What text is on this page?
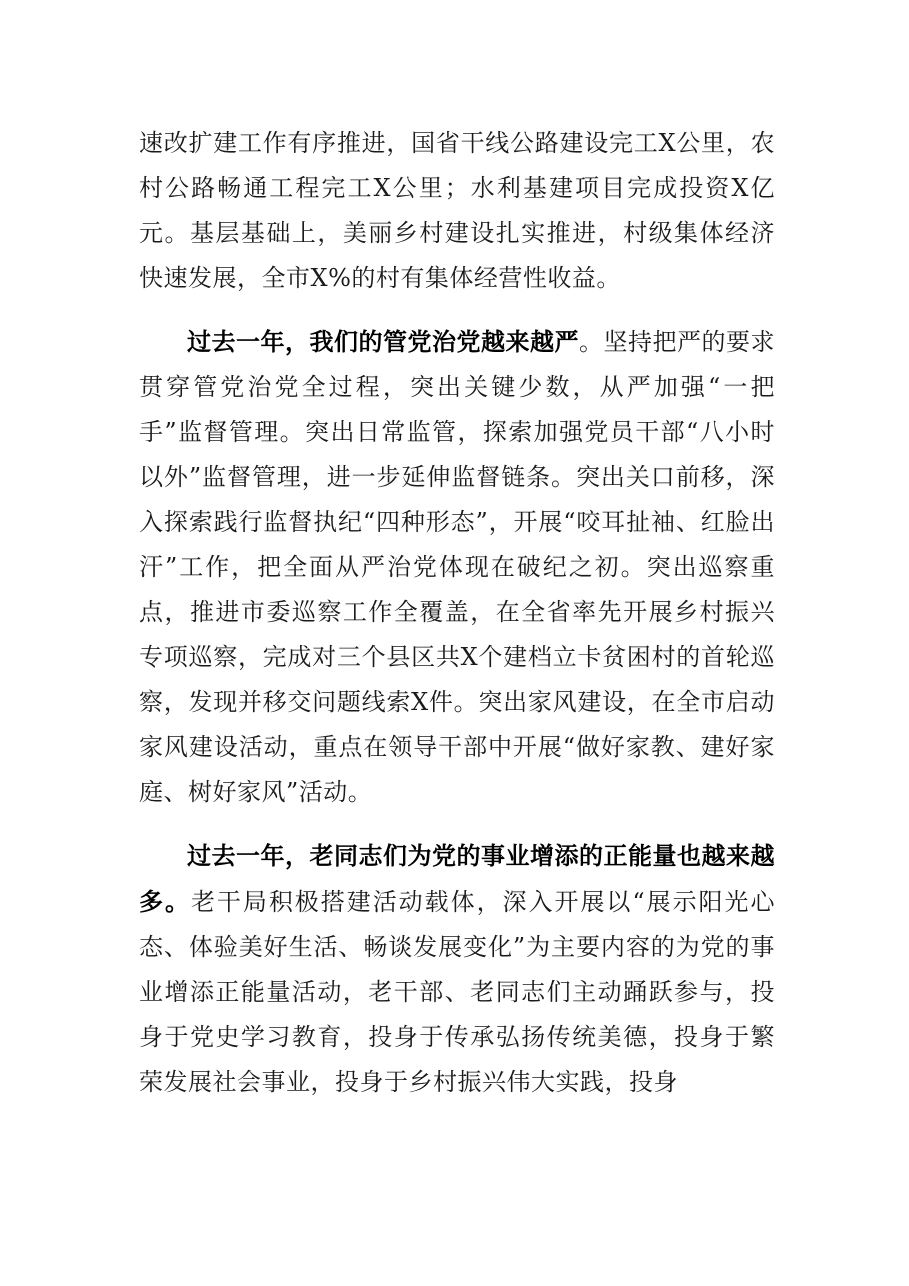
速改扩建工作有序推进，国省干线公路建设完工X公里，农村公路畅通工程完工X公里；水利基建项目完成投资X亿元。基层基础上，美丽乡村建设扎实推进，村级集体经济快速发展，全市X%的村有集体经营性收益。

过去一年，我们的管党治党越来越严。坚持把严的要求贯穿管党治党全过程，突出关键少数，从严加强“一把手”监督管理。突出日常监管，探索加强党员干部“八小时以外”监督管理，进一步延伸监督链条。突出关口前移，深入探索践行监督执纪“四种形态”，开展“咬耳扯袖、红脸出汗”工作，把全面从严治党体现在破纪之初。突出巡察重点，推进市委巡察工作全覆盖，在全省率先开展乡村振兴专项巡察，完成对三个县区共X个建档立卡贫困村的首轮巡察，发现并移交问题线索X件。突出家风建设，在全市启动家风建设活动，重点在领导干部中开展“做好家教、建好家庭、树好家风”活动。

过去一年，老同志们为党的事业增添的正能量也越来越多。老干局积极搭建活动载体，深入开展以“展示阳光心态、体验美好生活、畅谈发展变化”为主要内容的为党的事业增添正能量活动，老干部、老同志们主动踊跃参与，投身于党史学习教育，投身于传承弘扬传统美德，投身于繁荣发展社会事业，投身于乡村振兴伟大实践，投身
